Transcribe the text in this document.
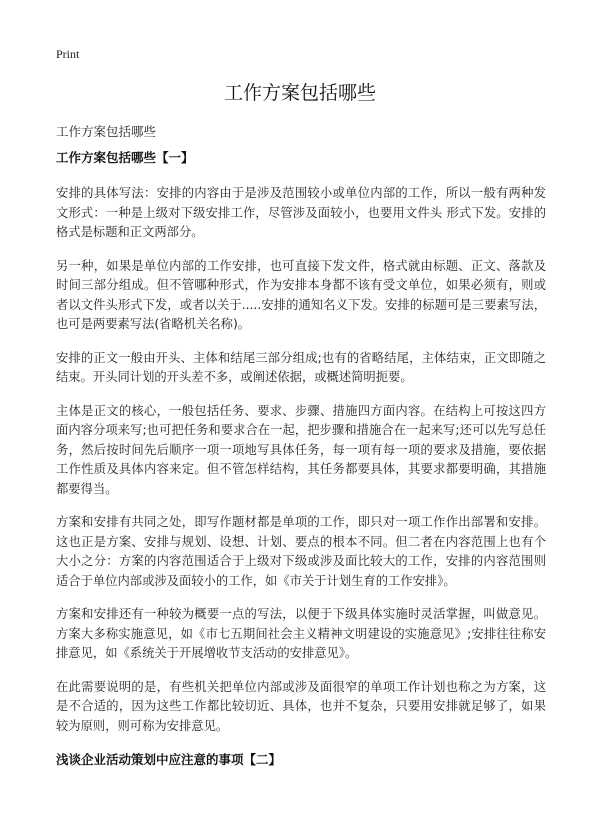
Print
工作方案包括哪些
工作方案包括哪些
工作方案包括哪些【一】

安排的具体写法：安排的内容由于是涉及范围较小或单位内部的工作，所以一般有两种发文形式：一种是上级对下级安排工作，尽管涉及面较小，也要用文件头 形式下发。安排的格式是标题和正文两部分。

另一种，如果是单位内部的工作安排，也可直接下发文件，格式就由标题、正文、落款及时间三部分组成。但不管哪种形式，作为安排本身都不该有受文单位，如果必须有，则或者以文件头形式下发，或者以关于.....安排的通知名义下发。安排的标题可是三要素写法，也可是两要素写法(省略机关名称)。

安排的正文一般由开头、主体和结尾三部分组成;也有的省略结尾，主体结束，正文即随之结束。开头同计划的开头差不多，或阐述依据，或概述简明扼要。

主体是正文的核心，一般包括任务、要求、步骤、措施四方面内容。在结构上可按这四方面内容分项来写;也可把任务和要求合在一起，把步骤和措施合在一起来写;还可以先写总任务，然后按时间先后顺序一项一项地写具体任务，每一项有每一项的要求及措施，要依据工作性质及具体内容来定。但不管怎样结构，其任务都要具体，其要求都要明确，其措施都要得当。

方案和安排有共同之处，即写作题材都是单项的工作，即只对一项工作作出部署和安排。这也正是方案、安排与规划、设想、计划、要点的根本不同。但二者在内容范围上也有个大小之分：方案的内容范围适合于上级对下级或涉及面比较大的工作，安排的内容范围则适合于单位内部或涉及面较小的工作，如《市关于计划生育的工作安排》。

方案和安排还有一种较为概要一点的写法，以便于下级具体实施时灵活掌握，叫做意见。方案大多称实施意见，如《市七五期间社会主义精神文明建设的实施意见》;安排往往称安排意见，如《系统关于开展增收节支活动的安排意见》。

在此需要说明的是，有些机关把单位内部或涉及面很窄的单项工作计划也称之为方案，这是不合适的，因为这些工作都比较切近、具体，也并不复杂，只要用安排就足够了，如果较为原则，则可称为安排意见。

浅谈企业活动策划中应注意的事项【二】
